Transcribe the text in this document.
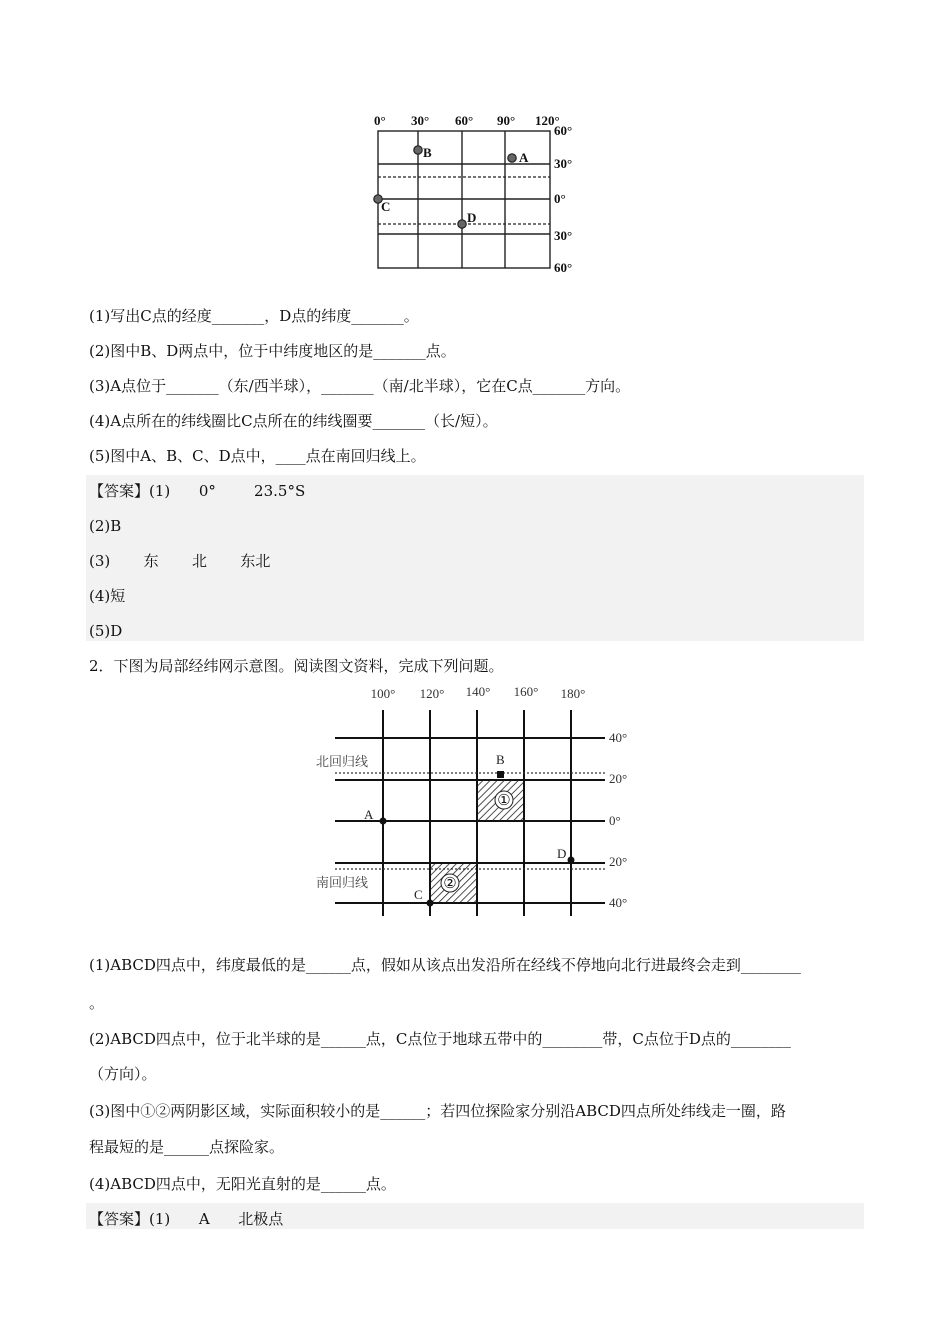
0° 30° 60° 90° 120°
60°
30°
0°
30°
60°
A
B
C
D
(1)写出C点的经度_______，D点的纬度_______。
(2)图中B、D两点中，位于中纬度地区的是_______点。
(3)A点位于_______（东/西半球），_______（南/北半球），它在C点_______方向。
(4)A点所在的纬线圈比C点所在的纬线圈要_______（长/短）。
(5)图中A、B、C、D点中，____点在南回归线上。
【答案】(1)      0°        23.5°S
(2)B
(3)       东       北       东北
(4)短
(5)D
2．下图为局部经纬网示意图。阅读图文资料，完成下列问题。
①
②
100° 120° 140° 160° 180°
40°
20°
0°
20°
40°
北回归线
南回归线
A
B
C
D
(1)ABCD四点中，纬度最低的是______点，假如从该点出发沿所在经线不停地向北行进最终会走到________
。
(2)ABCD四点中，位于北半球的是______点，C点位于地球五带中的________带，C点位于D点的________
（方向）。
(3)图中①②两阴影区域，实际面积较小的是______；若四位探险家分别沿ABCD四点所处纬线走一圈，路
程最短的是______点探险家。
(4)ABCD四点中，无阳光直射的是______点。
【答案】(1)      A      北极点
